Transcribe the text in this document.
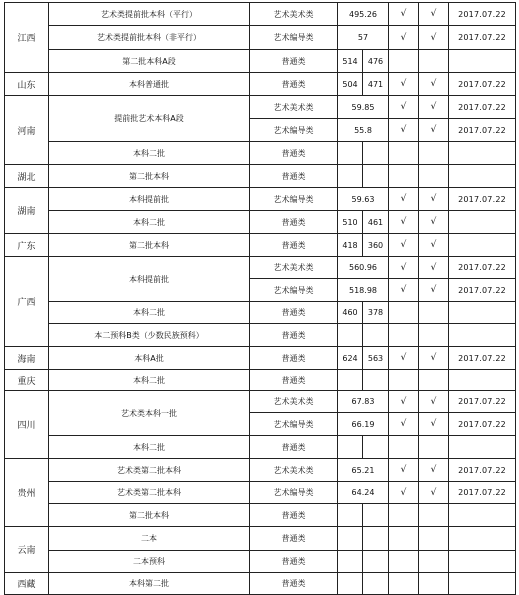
江西	艺术类提前批本科（平行）	艺术美术类	495.26		√	√	2017.07.22
	艺术类提前批本科（非平行）	艺术编导类	57		√	√	2017.07.22
	第二批本科A段	普通类	514	476			
山东	本科普通批	普通类	504	471	√	√	2017.07.22
河南	提前批艺术本科A段	艺术美术类	59.85		√	√	2017.07.22
		艺术编导类	55.8		√	√	2017.07.22
	本科二批	普通类					
湖北	第二批本科	普通类					
湖南	本科提前批	艺术编导类	59.63		√	√	2017.07.22
	本科二批	普通类	510	461	√	√	
广东	第二批本科	普通类	418	360	√	√	
广西	本科提前批	艺术美术类	560.96		√	√	2017.07.22
		艺术编导类	518.98		√	√	2017.07.22
	本科二批	普通类	460	378			
	本二预科B类（少数民族预科）	普通类					
海南	本科A批	普通类	624	563	√	√	2017.07.22
重庆	本科二批	普通类					
四川	艺术类本科一批	艺术美术类	67.83		√	√	2017.07.22
		艺术编导类	66.19		√	√	2017.07.22
	本科二批	普通类					
贵州	艺术类第二批本科	艺术美术类	65.21		√	√	2017.07.22
	艺术类第二批本科	艺术编导类	64.24		√	√	2017.07.22
	第二批本科	普通类					
云南	二本	普通类					
	二本预科	普通类					
西藏	本科第二批	普通类					
